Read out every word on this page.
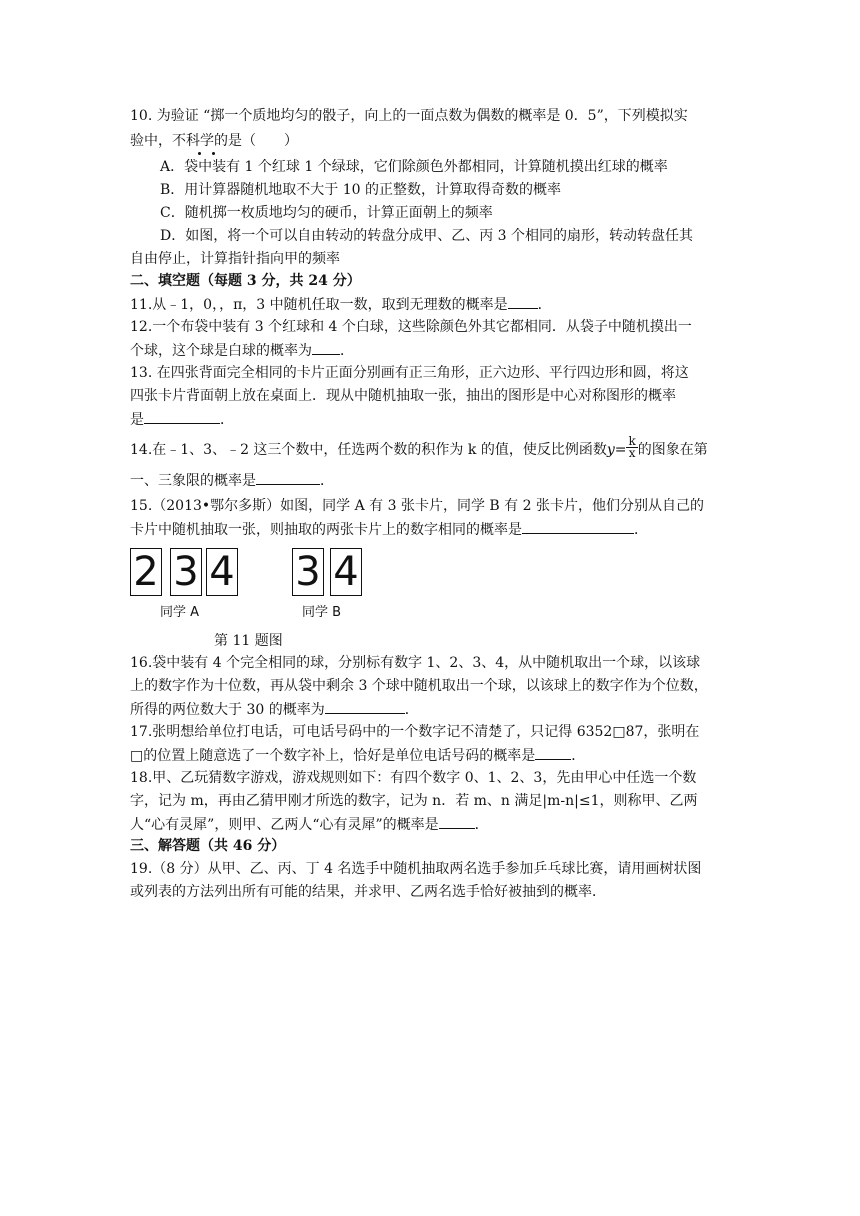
10. 为验证 “掷一个质地均匀的骰子，向上的一面点数为偶数的概率是 0．5”，下列模拟实
验中，不科学的是（　　）
A．袋中装有 1 个红球 1 个绿球，它们除颜色外都相同，计算随机摸出红球的概率
B．用计算器随机地取不大于 10 的正整数，计算取得奇数的概率
C．随机掷一枚质地均匀的硬币，计算正面朝上的频率
D．如图，将一个可以自由转动的转盘分成甲、乙、丙 3 个相同的扇形，转动转盘任其
自由停止，计算指针指向甲的频率
二、填空题（每题 3 分，共 24 分）
11.从﹣1，0，，π，3 中随机任取一数，取到无理数的概率是 ．
12.一个布袋中装有 3 个红球和 4 个白球，这些除颜色外其它都相同．从袋子中随机摸出一
个球，这个球是白球的概率为 ．
13. 在四张背面完全相同的卡片正面分别画有正三角形，正六边形、平行四边形和圆，将这
四张卡片背面朝上放在桌面上．现从中随机抽取一张，抽出的图形是中心对称图形的概率
是	．
14.在﹣1、3、﹣2 这三个数中，任选两个数的积作为 k 的值，使反比例函数$y= \frac{k}{x}$ 的图象在第
一、三象限的概率是	．
15.（2013•鄂尔多斯）如图，同学 A 有 3 张卡片，同学 B 有 2 张卡片，他们分别从自己的
卡片中随机抽取一张，则抽取的两张卡片上的数字相同的概率是	．
2 3 4 3 4
同学 A	同学 B
第 11 题图
16.袋中装有 4 个完全相同的球，分别标有数字 1、2、3、4，从中随机取出一个球，以该球
上的数字作为十位数，再从袋中剩余 3 个球中随机取出一个球，以该球上的数字作为个位数，
所得的两位数大于 30 的概率为	．
17.张明想给单位打电话，可电话号码中的一个数字记不清楚了，只记得 6352□87，张明在
□的位置上随意选了一个数字补上，恰好是单位电话号码的概率是	．
18.甲、乙玩猜数字游戏，游戏规则如下：有四个数字 0、1、2、3，先由甲心中任选一个数
字，记为 m，再由乙猜甲刚才所选的数字，记为 n．若 m、n 满足|m-n|≤1，则称甲、乙两
人“心有灵犀”，则甲、乙两人“心有灵犀”的概率是	．
三、解答题（共 46 分）
19.（8 分）从甲、乙、丙、丁 4 名选手中随机抽取两名选手参加乒乓球比赛，请用画树状图
或列表的方法列出所有可能的结果，并求甲、乙两名选手恰好被抽到的概率．
